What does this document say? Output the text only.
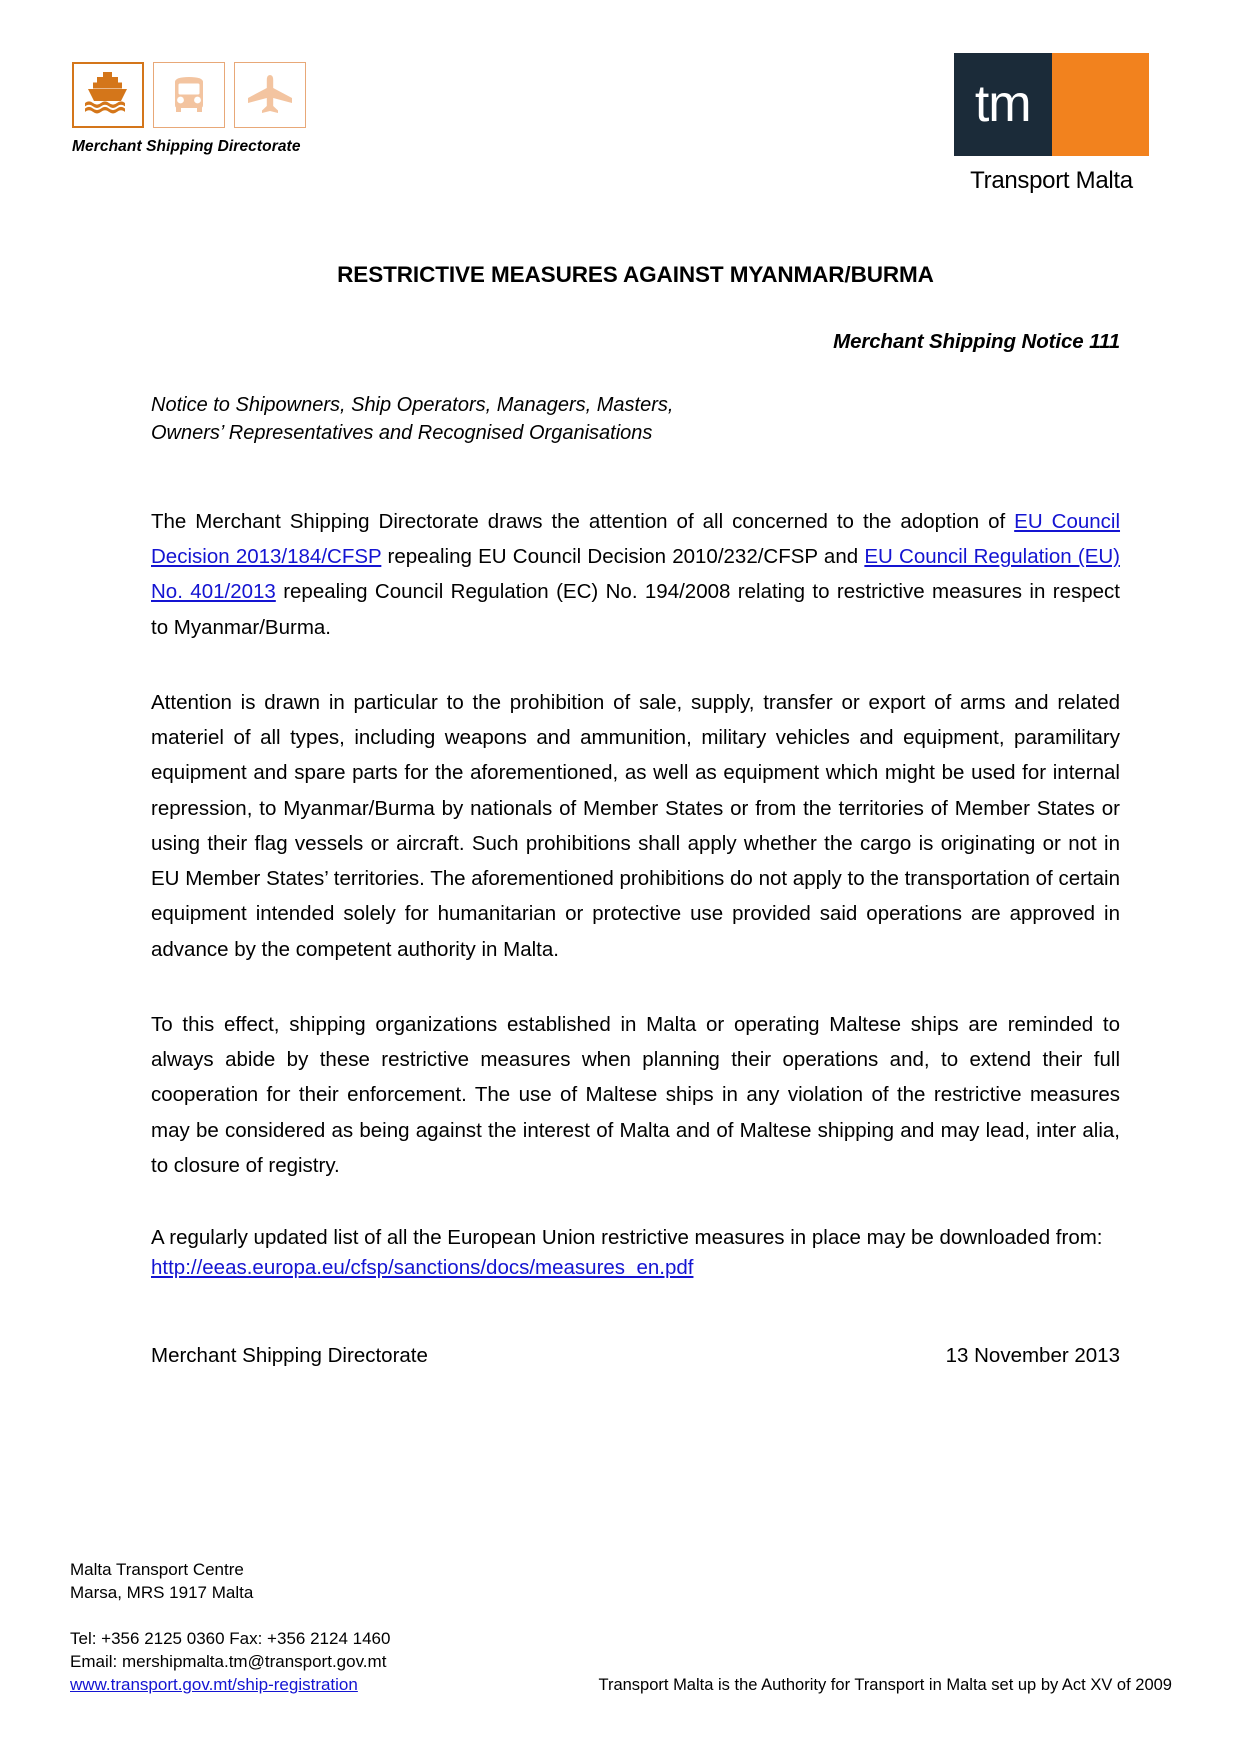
Merchant Shipping Directorate
tm
Transport Malta
RESTRICTIVE MEASURES AGAINST MYANMAR/BURMA
Merchant Shipping Notice 111
Notice to Shipowners, Ship Operators, Managers, Masters,
Owners’ Representatives and Recognised Organisations

The Merchant Shipping Directorate draws the attention of all concerned to the adoption of EU Council Decision 2013/184/CFSP repealing EU Council Decision 2010/232/CFSP and EU Council Regulation (EU) No. 401/2013 repealing Council Regulation (EC) No. 194/2008 relating to restrictive measures in respect to Myanmar/Burma.

Attention is drawn in particular to the prohibition of sale, supply, transfer or export of arms and related materiel of all types, including weapons and ammunition, military vehicles and equipment, paramilitary equipment and spare parts for the aforementioned, as well as equipment which might be used for internal repression, to Myanmar/Burma by nationals of Member States or from the territories of Member States or using their flag vessels or aircraft. Such prohibitions shall apply whether the cargo is originating or not in EU Member States’ territories. The aforementioned prohibitions do not apply to the transportation of certain equipment intended solely for humanitarian or protective use provided said operations are approved in advance by the competent authority in Malta.

To this effect, shipping organizations established in Malta or operating Maltese ships are reminded to always abide by these restrictive measures when planning their operations and, to extend their full cooperation for their enforcement. The use of Maltese ships in any violation of the restrictive measures may be considered as being against the interest of Malta and of Maltese shipping and may lead, inter alia, to closure of registry.

A regularly updated list of all the European Union restrictive measures in place may be downloaded from: http://eeas.europa.eu/cfsp/sanctions/docs/measures_en.pdf

Merchant Shipping Directorate	13 November 2013
Malta Transport Centre
Marsa, MRS 1917 Malta
Tel: +356 2125 0360 Fax: +356 2124 1460
Email: mershipmalta.tm@transport.gov.mt
www.transport.gov.mt/ship-registration	Transport Malta is the Authority for Transport in Malta set up by Act XV of 2009
